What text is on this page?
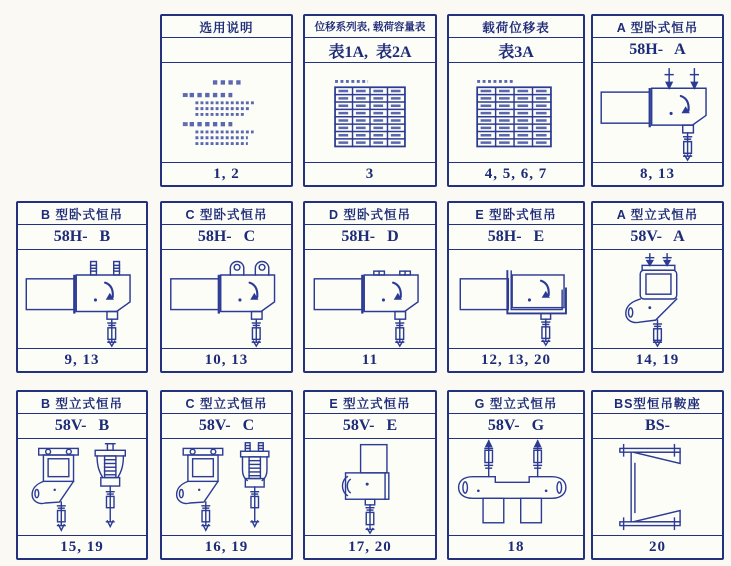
选用说明
1, 2
位移系列表, 载荷容量表
表1A,  表2A
3
载荷位移表
表3A
4, 5, 6, 7
A 型卧式恒吊
58H-   A
8, 13
B 型卧式恒吊
58H-   B
9, 13
C 型卧式恒吊
58H-   C
10, 13
D 型卧式恒吊
58H-   D
11
E 型卧式恒吊
58H-   E
12, 13, 20
A 型立式恒吊
58V-   A
14, 19
B 型立式恒吊
58V-   B
15, 19
C 型立式恒吊
58V-   C
16, 19
E 型立式恒吊
58V-   E
17, 20
G 型立式恒吊
58V-   G
18
BS型恒吊鞍座
BS-
20
